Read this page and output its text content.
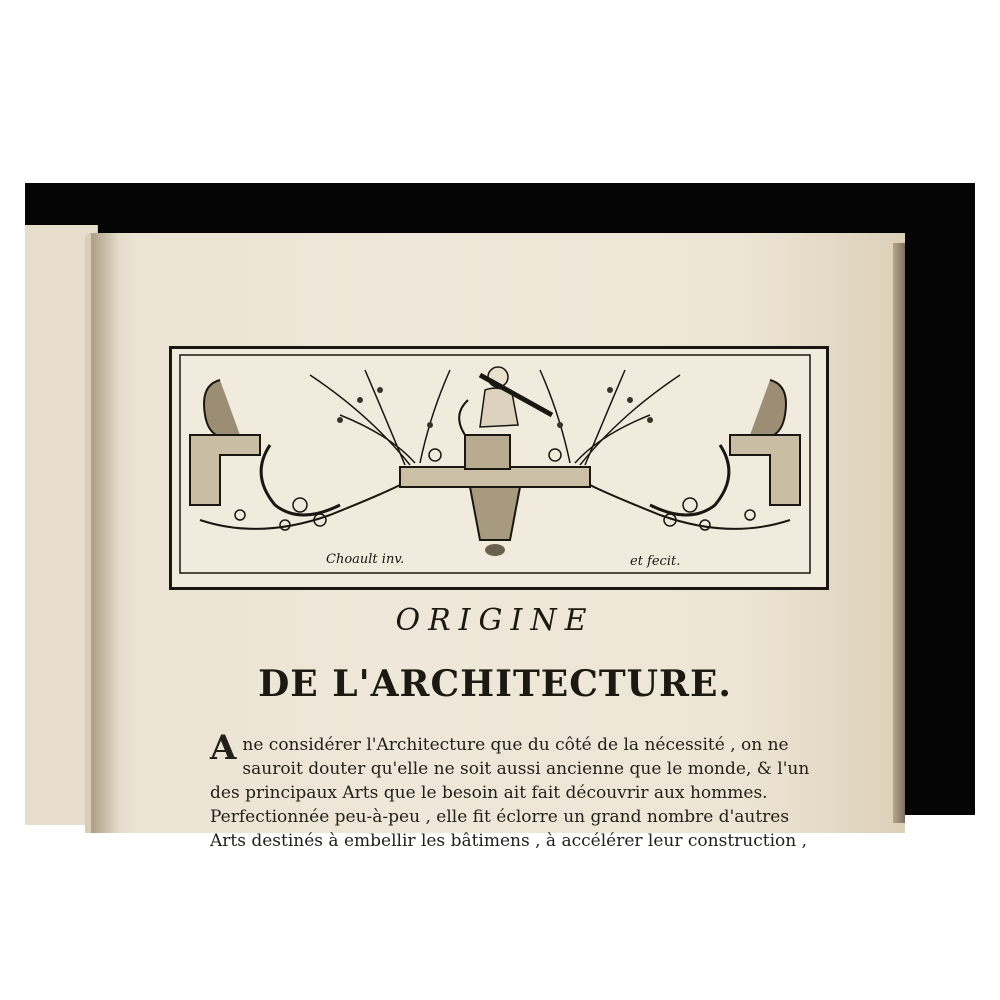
Choault inv.	et fecit.
ORIGINE
DE L'ARCHITECTURE.

Ane considérer l'Architecture que du côté de la nécessité , on ne

sauroit douter qu'elle ne soit aussi ancienne que le monde, & l'un

des principaux Arts que le besoin ait fait découvrir aux hommes.

Perfectionnée peu-à-peu , elle fit éclorre un grand nombre d'autres

Arts destinés à embellir les bâtimens , à accélérer leur construction ,
